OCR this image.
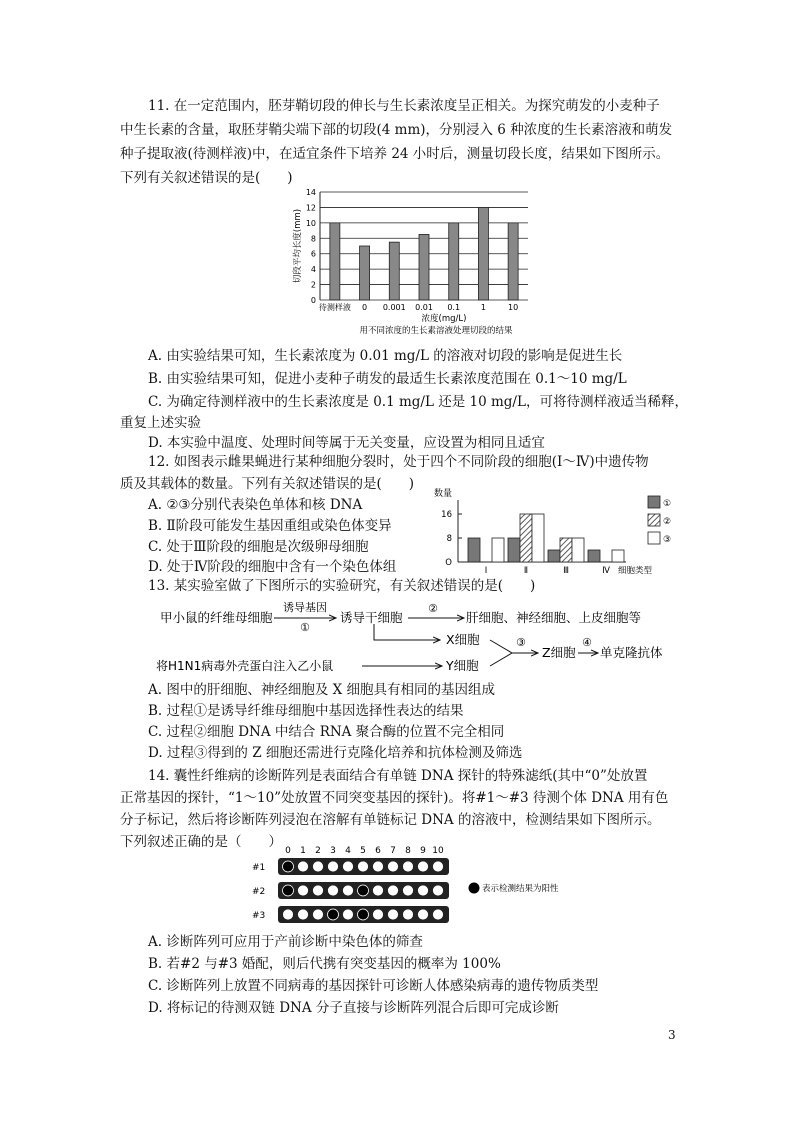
11. 在一定范围内，胚芽鞘切段的伸长与生长素浓度呈正相关。为探究萌发的小麦种子
中生长素的含量，取胚芽鞘尖端下部的切段(4 mm)，分别浸入 6 种浓度的生长素溶液和萌发
种子提取液(待测样液)中，在适宜条件下培养 24 小时后，测量切段长度，结果如下图所示。
下列有关叙述错误的是(　　)
0
2
4
6
8
10
12
14
切段平均长度(mm)
待测样液 0 0.001 0.01 0.1	1	10
浓度(mg/L)
用不同浓度的生长素溶液处理切段的结果
A. 由实验结果可知，生长素浓度为 0.01 mg/L 的溶液对切段的影响是促进生长
B. 由实验结果可知，促进小麦种子萌发的最适生长素浓度范围在 0.1～10 mg/L
C. 为确定待测样液中的生长素浓度是 0.1 mg/L 还是 10 mg/L，可将待测样液适当稀释，
重复上述实验
D. 本实验中温度、处理时间等属于无关变量，应设置为相同且适宜
12. 如图表示雌果蝇进行某种细胞分裂时，处于四个不同阶段的细胞(Ⅰ～Ⅳ)中遗传物
质及其载体的数量。下列有关叙述错误的是(　　)
A. ②③分别代表染色单体和核 DNA
B. Ⅱ阶段可能发生基因重组或染色体变异
C. 处于Ⅲ阶段的细胞是次级卵母细胞
D. 处于Ⅳ阶段的细胞中含有一个染色体组
数量
O
8
16
Ⅰ	Ⅱ	Ⅲ	Ⅳ 细胞类型
①
②
③
13. 某实验室做了下图所示的实验研究，有关叙述错误的是(　　)
甲小鼠的纤维母细胞
诱导基因
①
诱导干细胞
②
肝细胞、神经细胞、上皮细胞等
X细胞
将H1N1病毒外壳蛋白注入乙小鼠	Y细胞
③
Z细胞
④
单克隆抗体
A. 图中的肝细胞、神经细胞及 X 细胞具有相同的基因组成
B. 过程①是诱导纤维母细胞中基因选择性表达的结果
C. 过程②细胞 DNA 中结合 RNA 聚合酶的位置不完全相同
D. 过程③得到的 Z 细胞还需进行克隆化培养和抗体检测及筛选
14. 囊性纤维病的诊断阵列是表面结合有单链 DNA 探针的特殊滤纸(其中“0”处放置
正常基因的探针，“1～10”处放置不同突变基因的探针)。将#1～#3 待测个体 DNA 用有色
分子标记，然后将诊断阵列浸泡在溶解有单链标记 DNA 的溶液中，检测结果如下图所示。
下列叙述正确的是（　　）
0 1 2 3 4 5 6 7 8 9 10
#1
#2
#3
表示检测结果为阳性
A. 诊断阵列可应用于产前诊断中染色体的筛查
B. 若#2 与#3 婚配，则后代携有突变基因的概率为 100%
C. 诊断阵列上放置不同病毒的基因探针可诊断人体感染病毒的遗传物质类型
D. 将标记的待测双链 DNA 分子直接与诊断阵列混合后即可完成诊断
3
